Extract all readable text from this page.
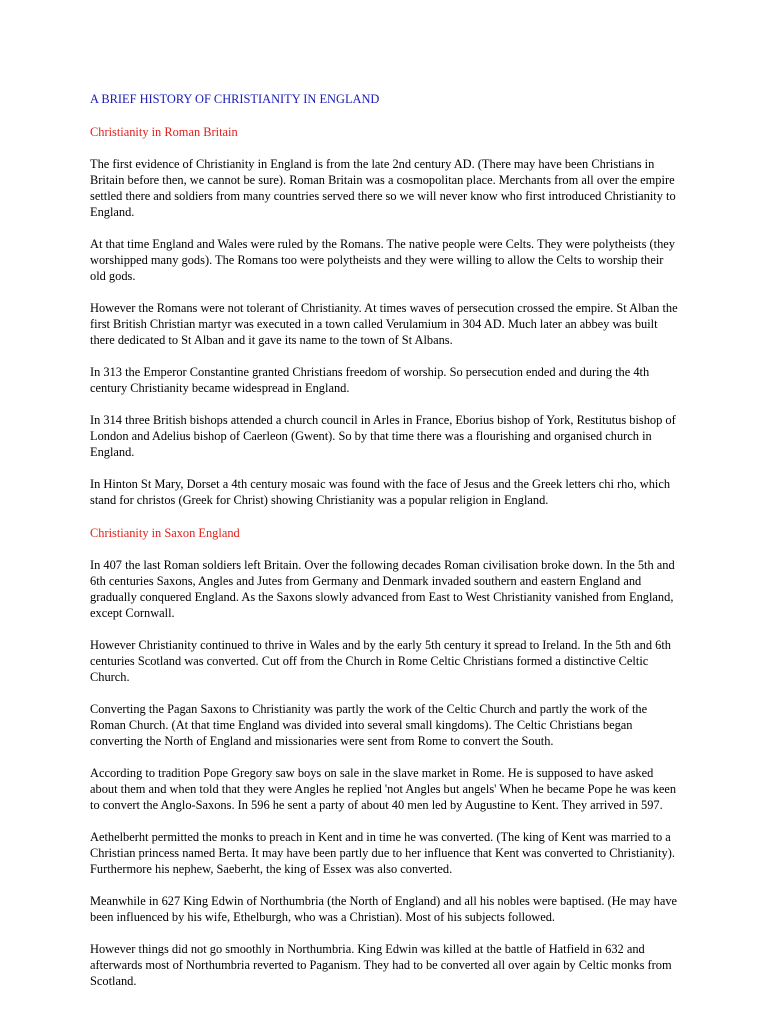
A BRIEF HISTORY OF CHRISTIANITY IN ENGLAND
Christianity in Roman Britain
The first evidence of Christianity in England is from the late 2nd century AD. (There may have been Christians in Britain before then, we cannot be sure). Roman Britain was a cosmopolitan place. Merchants from all over the empire settled there and soldiers from many countries served there so we will never know who first introduced Christianity to England.
At that time England and Wales were ruled by the Romans. The native people were Celts. They were polytheists (they worshipped many gods). The Romans too were polytheists and they were willing to allow the Celts to worship their old gods.
However the Romans were not tolerant of Christianity. At times waves of persecution crossed the empire. St Alban the first British Christian martyr was executed in a town called Verulamium in 304 AD. Much later an abbey was built there dedicated to St Alban and it gave its name to the town of St Albans.
In 313 the Emperor Constantine granted Christians freedom of worship. So persecution ended and during the 4th century Christianity became widespread in England.
In 314 three British bishops attended a church council in Arles in France, Eborius bishop of York, Restitutus bishop of London and Adelius bishop of Caerleon (Gwent). So by that time there was a flourishing and organised church in England.
In Hinton St Mary, Dorset a 4th century mosaic was found with the face of Jesus and the Greek letters chi rho, which stand for christos (Greek for Christ) showing Christianity was a popular religion in England.
Christianity in Saxon England
In 407 the last Roman soldiers left Britain. Over the following decades Roman civilisation broke down. In the 5th and 6th centuries Saxons, Angles and Jutes from Germany and Denmark invaded southern and eastern England and gradually conquered England. As the Saxons slowly advanced from East to West Christianity vanished from England, except Cornwall.
However Christianity continued to thrive in Wales and by the early 5th century it spread to Ireland. In the 5th and 6th centuries Scotland was converted. Cut off from the Church in Rome Celtic Christians formed a distinctive Celtic Church.
Converting the Pagan Saxons to Christianity was partly the work of the Celtic Church and partly the work of the Roman Church. (At that time England was divided into several small kingdoms). The Celtic Christians began converting the North of England and missionaries were sent from Rome to convert the South.
According to tradition Pope Gregory saw boys on sale in the slave market in Rome. He is supposed to have asked about them and when told that they were Angles he replied 'not Angles but angels' When he became Pope he was keen to convert the Anglo-Saxons. In 596 he sent a party of about 40 men led by Augustine to Kent. They arrived in 597.
Aethelberht permitted the monks to preach in Kent and in time he was converted. (The king of Kent was married to a Christian princess named Berta. It may have been partly due to her influence that Kent was converted to Christianity). Furthermore his nephew, Saeberht, the king of Essex was also converted.
Meanwhile in 627 King Edwin of Northumbria (the North of England) and all his nobles were baptised. (He may have been influenced by his wife, Ethelburgh, who was a Christian). Most of his subjects followed.
However things did not go smoothly in Northumbria. King Edwin was killed at the battle of Hatfield in 632 and afterwards most of Northumbria reverted to Paganism. They had to be converted all over again by Celtic monks from Scotland.
